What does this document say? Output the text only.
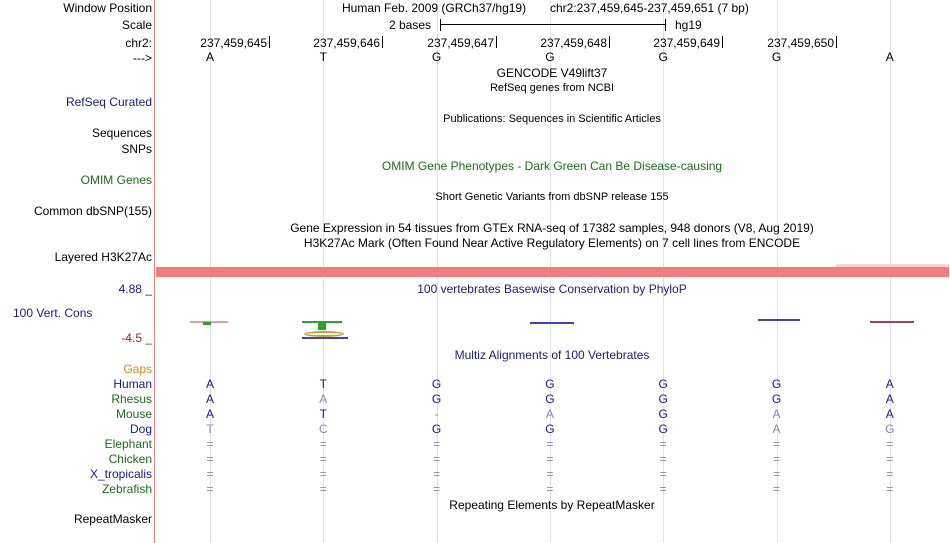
Window Position	Human Feb. 2009 (GRCh37/hg19) chr2:237,459,645-237,459,651 (7 bp)
Scale	2 bases	hg19
chr2:	237,459,645	237,459,646	237,459,647	237,459,648	237,459,649	237,459,650
--->	A	T	G	G	G	G	A
GENCODE V49lift37
RefSeq genes from NCBI
RefSeq Curated
Publications: Sequences in Scientific Articles
Sequences
SNPs
OMIM Gene Phenotypes - Dark Green Can Be Disease-causing
OMIM Genes
Short Genetic Variants from dbSNP release 155
Common dbSNP(155)
Gene Expression in 54 tissues from GTEx RNA-seq of 17382 samples, 948 donors (V8, Aug 2019)
H3K27Ac Mark (Often Found Near Active Regulatory Elements) on 7 cell lines from ENCODE
Layered H3K27Ac
4.88 _	100 vertebrates Basewise Conservation by PhyloP
100 Vert. Cons
-4.5 _
Multiz Alignments of 100 Vertebrates
Gaps
Human	A	T	G	G	G	G	A
Rhesus	A	A	G	G	G	G	A
Mouse	A	T	-	A	G	A	A
Dog	T	C	G	G	G	A	G
Elephant	=	=	=	=	=	=	=
Chicken	=	=	=	=	=	=	=
X_tropicalis	=	=	=	=	=	=	=
Zebrafish	=	=	=	=	=	=	=
Repeating Elements by RepeatMasker
RepeatMasker
